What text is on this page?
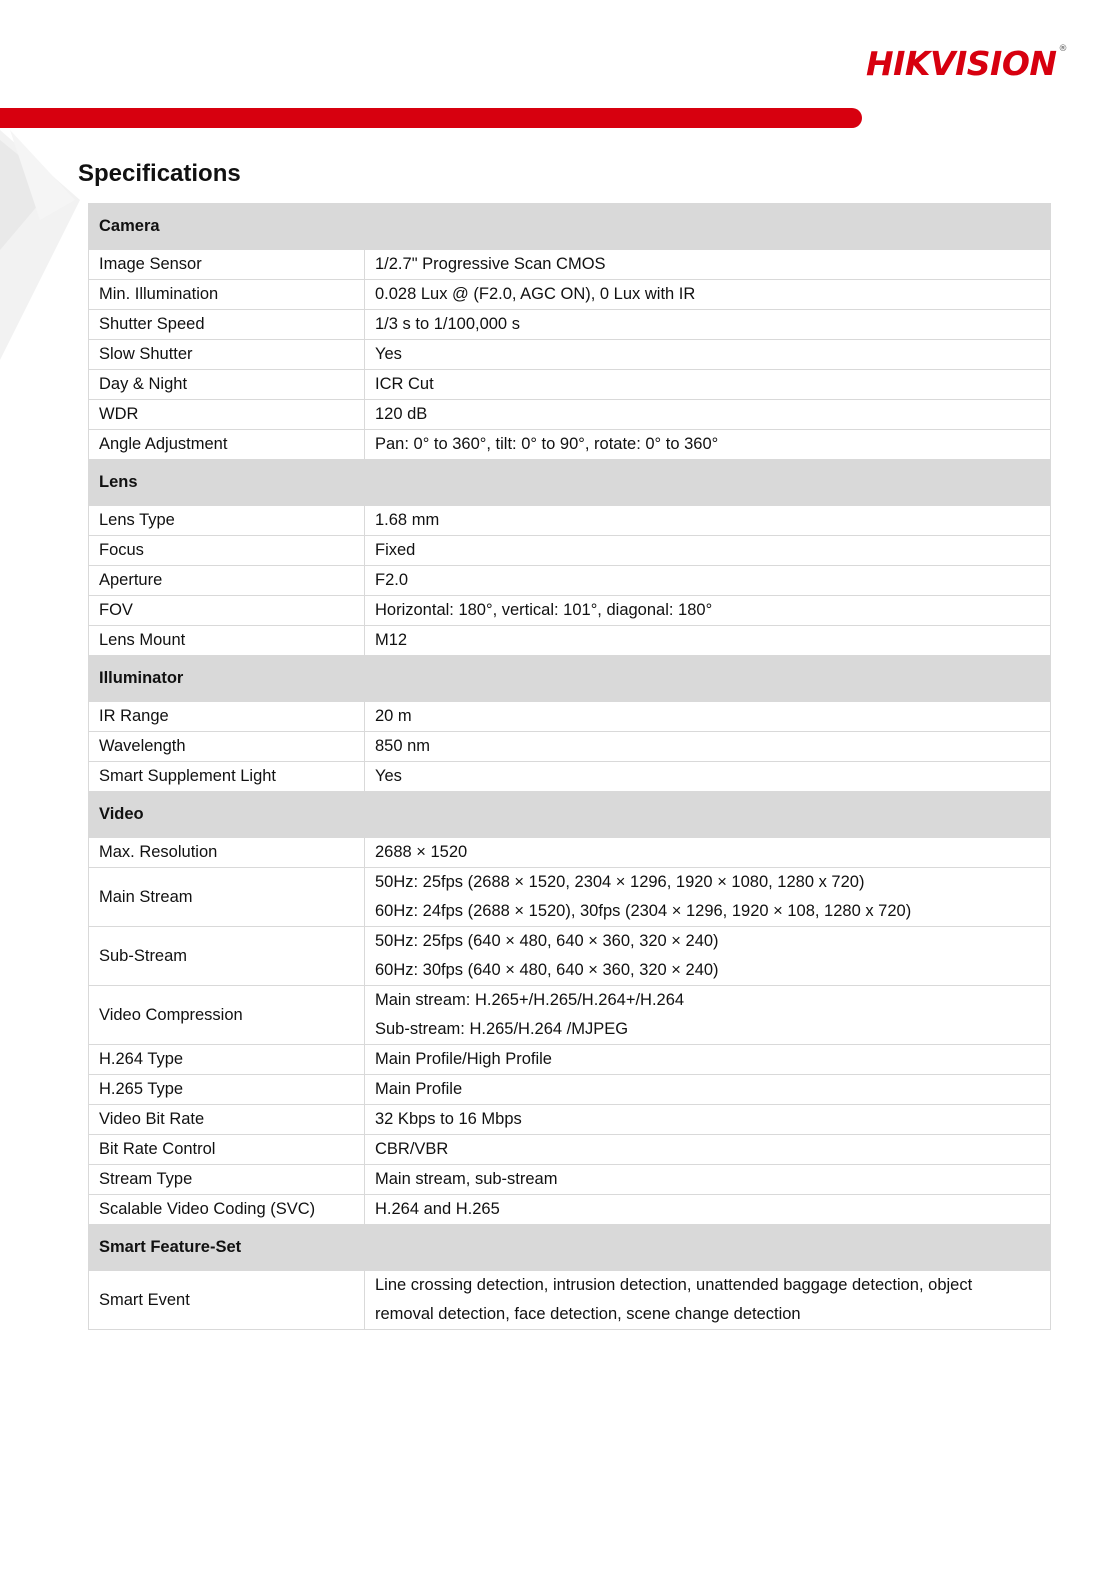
HIKVISION ®
Specifications
Camera	
Image Sensor	1/2.7" Progressive Scan CMOS

Min. Illumination	0.028 Lux @ (F2.0, AGC ON), 0 Lux with IR

Shutter Speed	1/3 s to 1/100,000 s

Slow Shutter	Yes

Day & Night	ICR Cut

WDR	120 dB

Angle Adjustment	Pan: 0° to 360°, tilt: 0° to 90°, rotate: 0° to 360°

Lens	
Lens Type	1.68 mm

Focus	Fixed

Aperture	F2.0

FOV	Horizontal: 180°, vertical: 101°, diagonal: 180°

Lens Mount	M12

Illuminator	
IR Range	20 m

Wavelength	850 nm

Smart Supplement Light	Yes

Video	
Max. Resolution	2688 × 1520

Main Stream	50Hz: 25fps (2688 × 1520, 2304 × 1296, 1920 × 1080, 1280 x 720)
60Hz: 24fps (2688 × 1520), 30fps (2304 × 1296, 1920 × 108, 1280 x 720)

Sub-Stream	50Hz: 25fps (640 × 480, 640 × 360, 320 × 240)
60Hz: 30fps (640 × 480, 640 × 360, 320 × 240)

Video Compression	Main stream: H.265+/H.265/H.264+/H.264
Sub-stream: H.265/H.264 /MJPEG

H.264 Type	Main Profile/High Profile

H.265 Type	Main Profile

Video Bit Rate	32 Kbps to 16 Mbps

Bit Rate Control	CBR/VBR

Stream Type	Main stream, sub-stream

Scalable Video Coding (SVC)	H.264 and H.265

Smart Feature-Set	
Smart Event	Line crossing detection, intrusion detection, unattended baggage detection, object
removal detection, face detection, scene change detection
